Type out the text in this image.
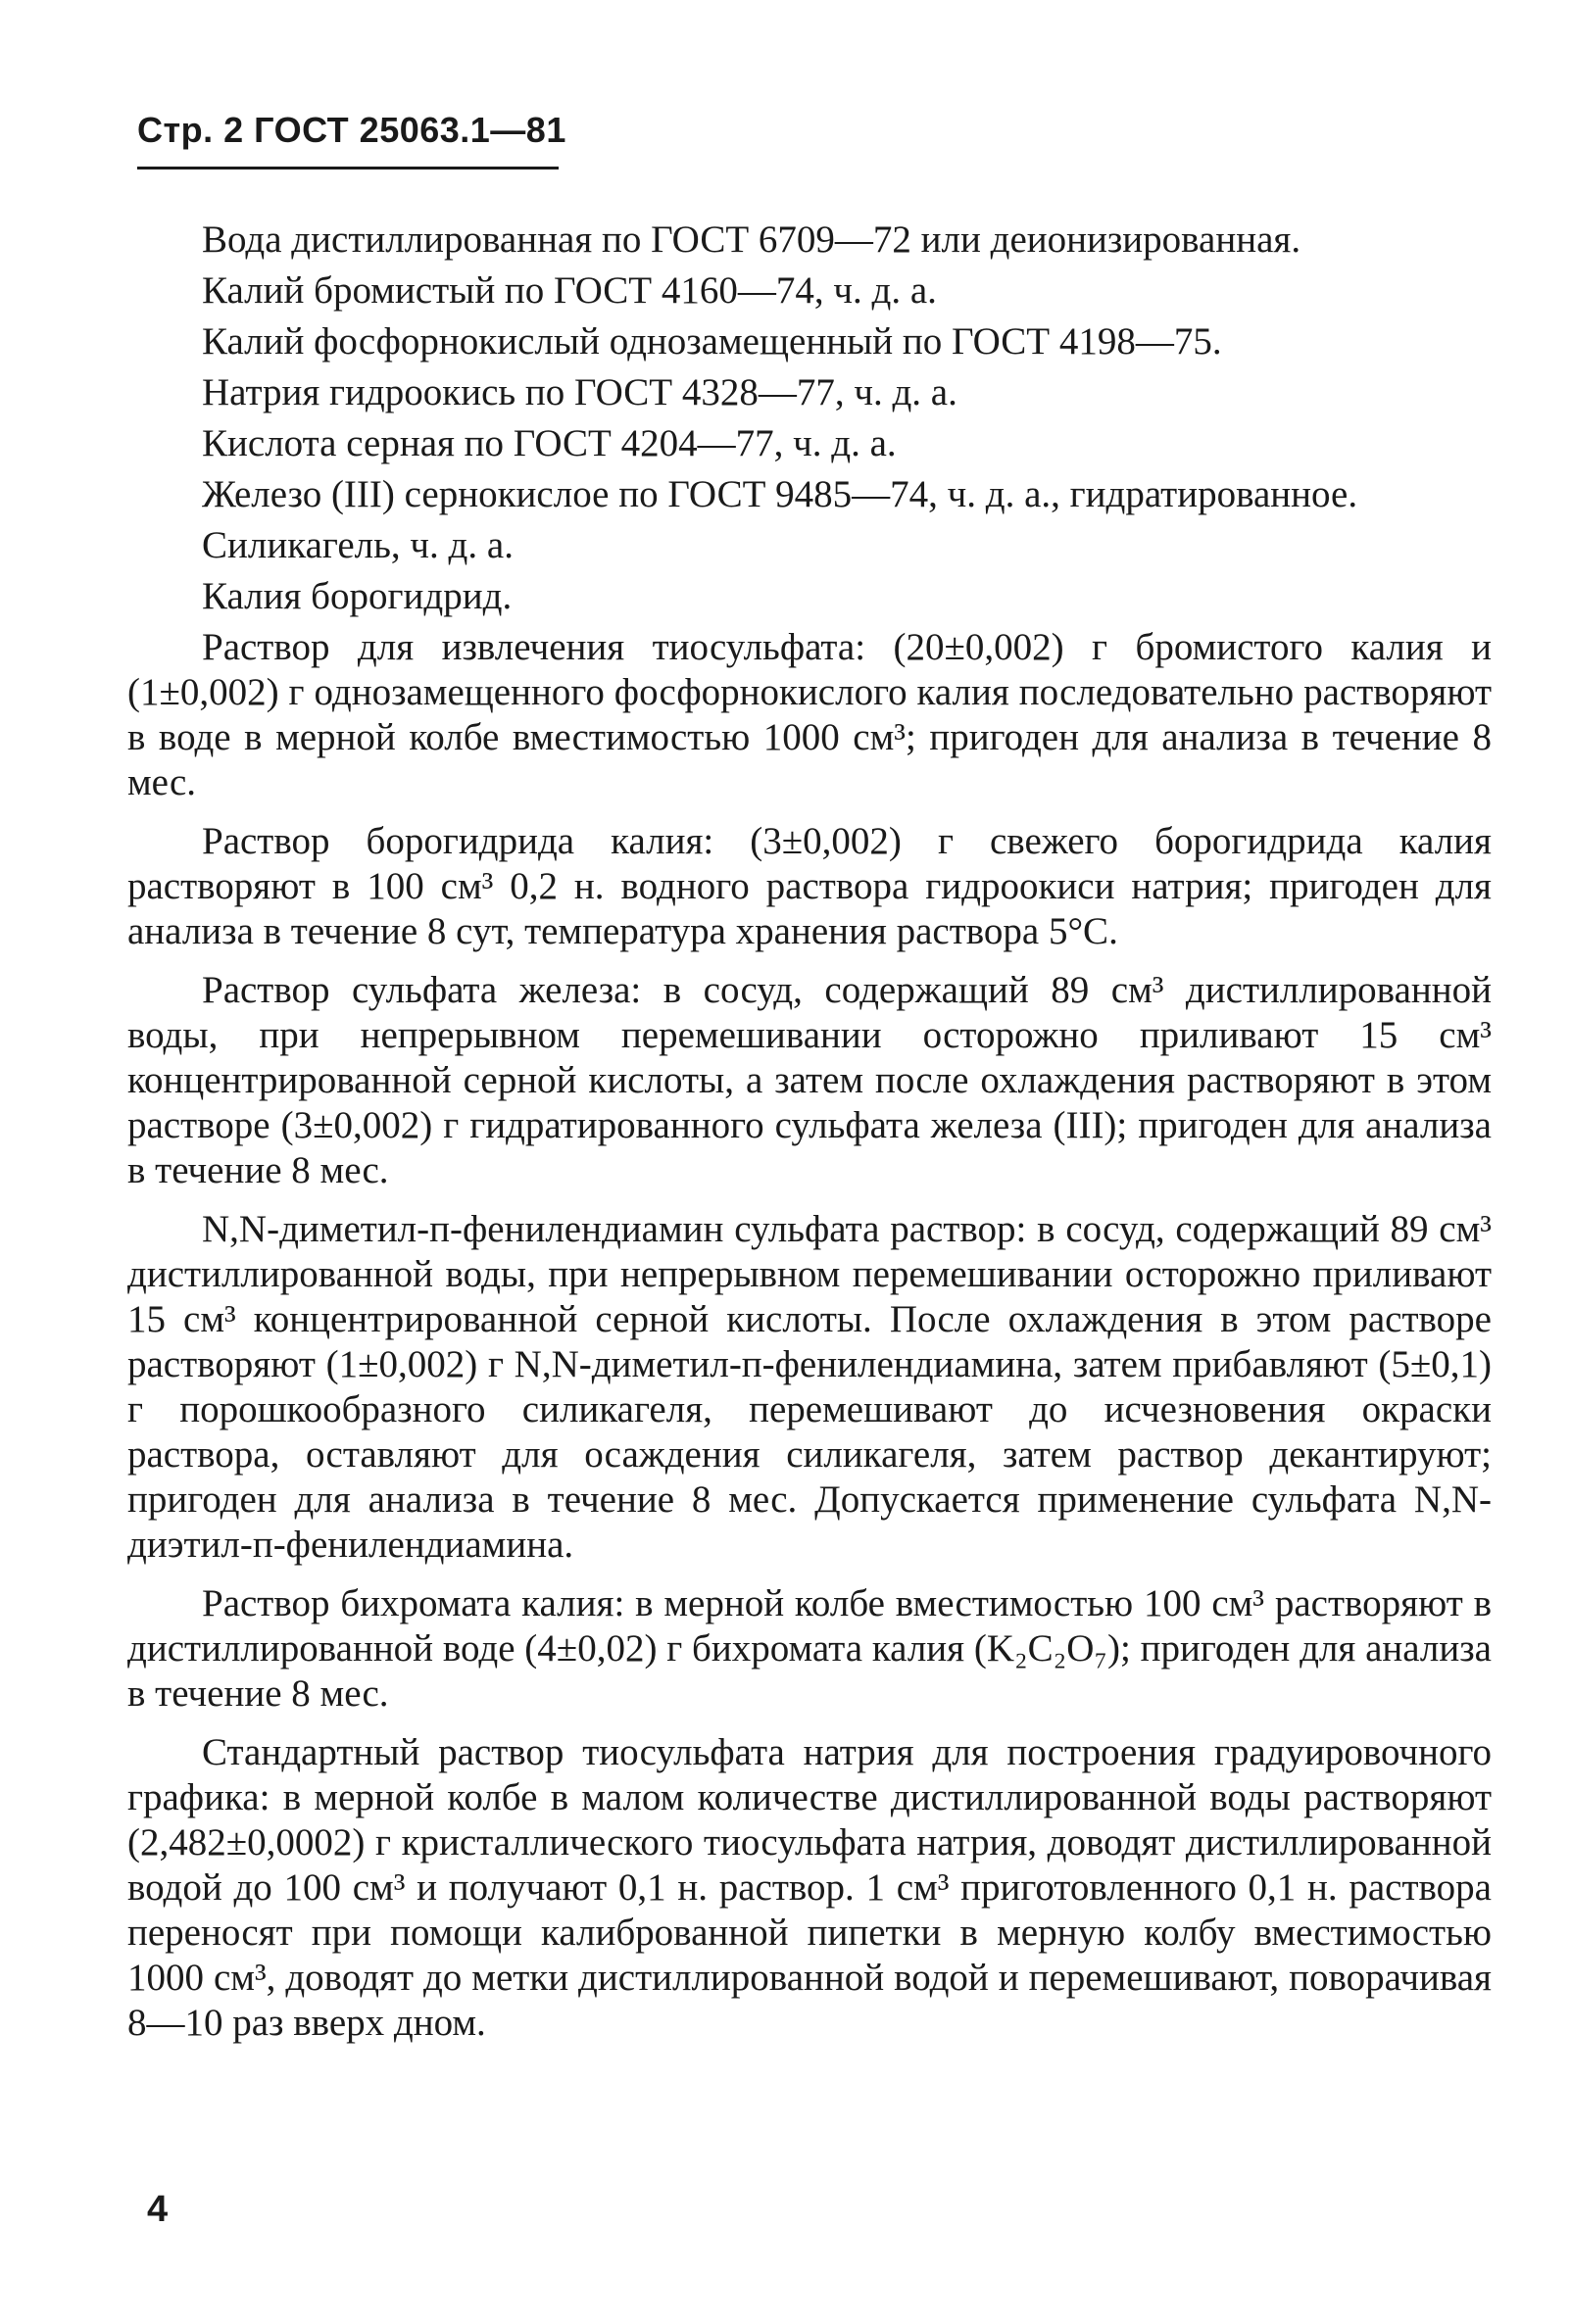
Стр. 2 ГОСТ 25063.1—81

Вода дистиллированная по ГОСТ 6709—72 или деионизированная.

Калий бромистый по ГОСТ 4160—74, ч. д. а.

Калий фосфорнокислый однозамещенный по ГОСТ 4198—75.

Натрия гидроокись по ГОСТ 4328—77, ч. д. а.

Кислота серная по ГОСТ 4204—77, ч. д. а.

Железо (III) сернокислое по ГОСТ 9485—74, ч. д. а., гидратированное.

Силикагель, ч. д. а.

Калия борогидрид.

Раствор для извлечения тиосульфата: (20±0,002) г бромистого калия и (1±0,002) г однозамещенного фосфорнокислого калия последовательно растворяют в воде в мерной колбе вместимостью 1000 см³; пригоден для анализа в течение 8 мес.

Раствор борогидрида калия: (3±0,002) г свежего борогидрида калия растворяют в 100 см³ 0,2 н. водного раствора гидроокиси натрия; пригоден для анализа в течение 8 сут, температура хранения раствора 5°С.

Раствор сульфата железа: в сосуд, содержащий 89 см³ дистиллированной воды, при непрерывном перемешивании осторожно приливают 15 см³ концентрированной серной кислоты, а затем после охлаждения растворяют в этом растворе (3±0,002) г гидратированного сульфата железа (III); пригоден для анализа в течение 8 мес.

N,N-диметил-п-фенилендиамин сульфата раствор: в сосуд, содержащий 89 см³ дистиллированной воды, при непрерывном перемешивании осторожно приливают 15 см³ концентрированной серной кислоты. После охлаждения в этом растворе растворяют (1±0,002) г N,N-диметил-п-фенилендиамина, затем прибавляют (5±0,1) г порошкообразного силикагеля, перемешивают до исчезновения окраски раствора, оставляют для осаждения силикагеля, затем раствор декантируют; пригоден для анализа в течение 8 мес. Допускается применение сульфата N,N-диэтил-п-фенилендиамина.

Раствор бихромата калия: в мерной колбе вместимостью 100 см³ растворяют в дистиллированной воде (4±0,02) г бихромата калия (K₂C₂O₇); пригоден для анализа в течение 8 мес.

Стандартный раствор тиосульфата натрия для построения градуировочного графика: в мерной колбе в малом количестве дистиллированной воды растворяют (2,482±0,0002) г кристаллического тиосульфата натрия, доводят дистиллированной водой до 100 см³ и получают 0,1 н. раствор. 1 см³ приготовленного 0,1 н. раствора переносят при помощи калиброванной пипетки в мерную колбу вместимостью 1000 см³, доводят до метки дистиллированной водой и перемешивают, поворачивая 8—10 раз вверх дном.

4
